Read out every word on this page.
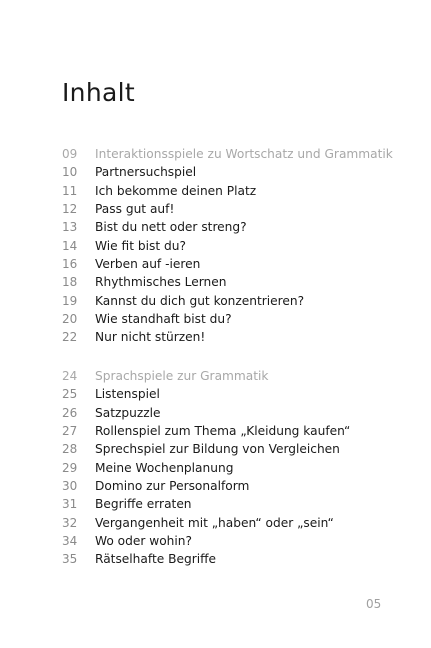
Inhalt
09	Interaktionsspiele zu Wortschatz und Grammatik
10	Partnersuchspiel
11	Ich bekomme deinen Platz
12	Pass gut auf!
13	Bist du nett oder streng?
14	Wie fit bist du?
16	Verben auf -ieren
18	Rhythmisches Lernen
19	Kannst du dich gut konzentrieren?
20	Wie standhaft bist du?
22	Nur nicht stürzen!
24	Sprachspiele zur Grammatik
25	Listenspiel
26	Satzpuzzle
27	Rollenspiel zum Thema „Kleidung kaufen“
28	Sprechspiel zur Bildung von Vergleichen
29	Meine Wochenplanung
30	Domino zur Personalform
31	Begriffe erraten
32	Vergangenheit mit „haben“ oder „sein“
34	Wo oder wohin?
35	Rätselhafte Begriffe
05
